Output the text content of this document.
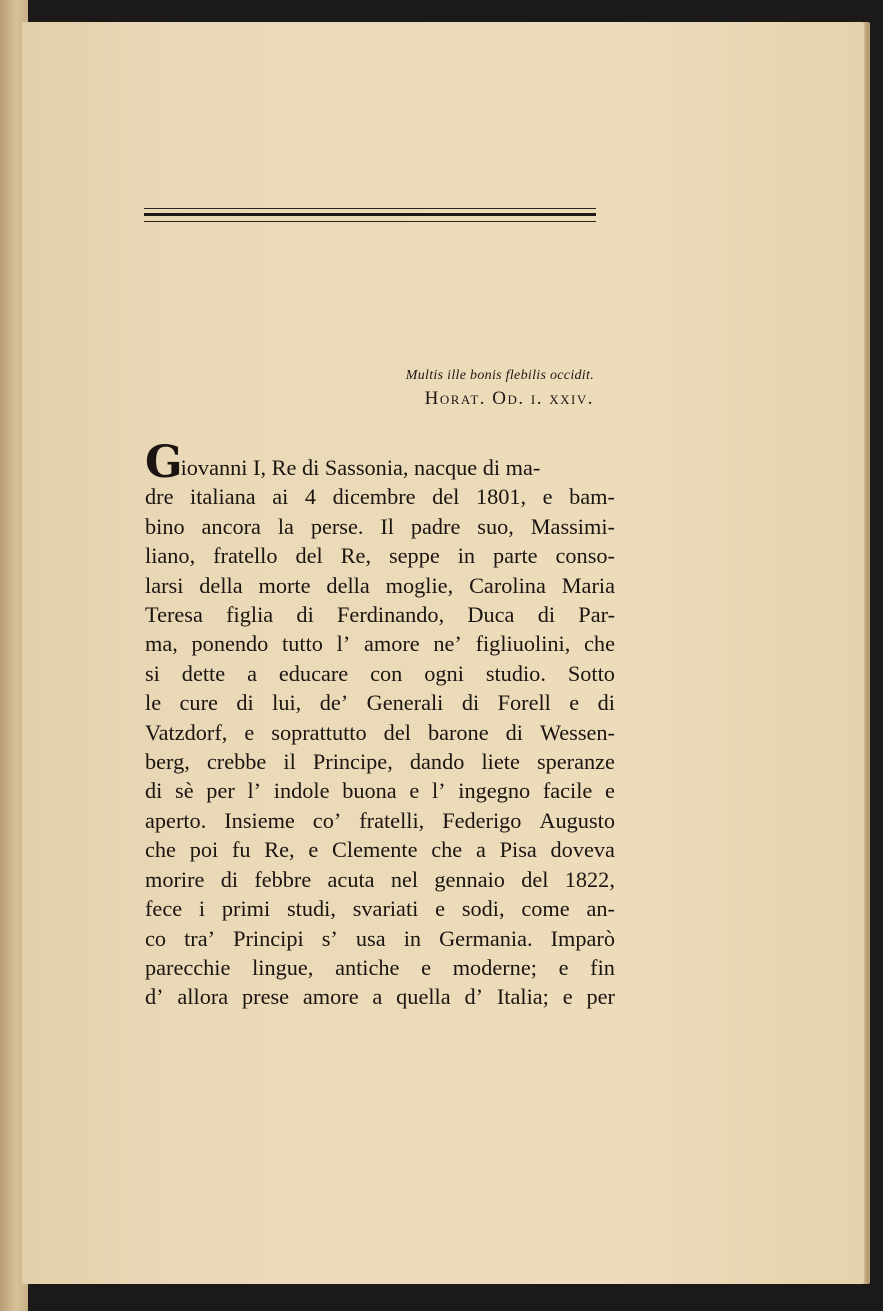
Multis ille bonis flebilis occidit.
Horat. Od. i. xxiv.
Giovanni I, Re di Sassonia, nacque di ma-
dre italiana ai 4 dicembre del 1801, e bam-
bino ancora la perse. Il padre suo, Massimi-
liano, fratello del Re, seppe in parte conso-
larsi della morte della moglie, Carolina Maria
Teresa figlia di Ferdinando, Duca di Par-
ma, ponendo tutto l’ amore ne’ figliuolini, che
si dette a educare con ogni studio. Sotto
le cure di lui, de’ Generali di Forell e di
Vatzdorf, e soprattutto del barone di Wessen-
berg, crebbe il Principe, dando liete speranze
di sè per l’ indole buona e l’ ingegno facile e
aperto. Insieme co’ fratelli, Federigo Augusto
che poi fu Re, e Clemente che a Pisa doveva
morire di febbre acuta nel gennaio del 1822,
fece i primi studi, svariati e sodi, come an-
co tra’ Principi s’ usa in Germania. Imparò
parecchie lingue, antiche e moderne; e fin
d’ allora prese amore a quella d’ Italia; e per
